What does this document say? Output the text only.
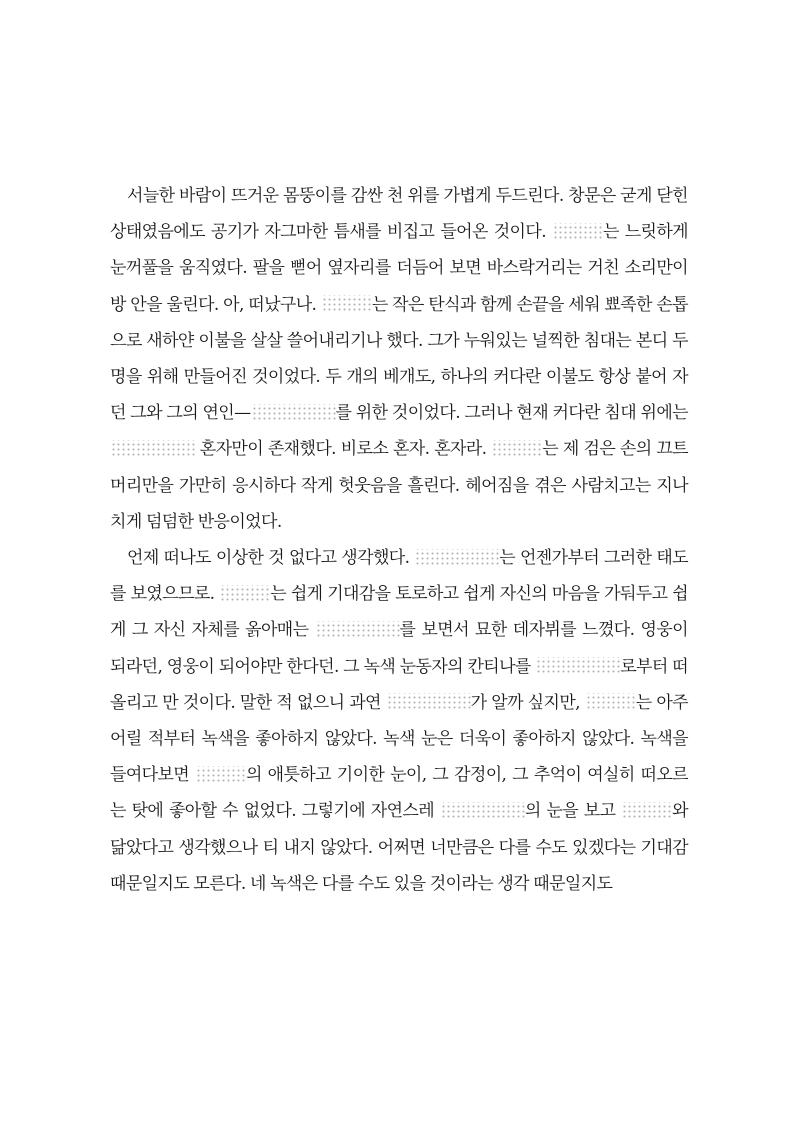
서늘한 바람이 뜨거운 몸뚱이를 감싼 천 위를 가볍게 두드린다. 창문은 굳게 닫힌 상태였음에도 공기가 자그마한 틈새를 비집고 들어온 것이다.	는 느릿하게 눈꺼풀을 움직였다. 팔을 뻗어 옆자리를 더듬어 보면 바스락거리는 거친 소리만이 방 안을 울린다. 아, 떠났구나.	는 작은 탄식과 함께 손끝을 세워 뾰족한 손톱으로 새하얀 이불을 살살 쓸어내리기나 했다. 그가 누워있는 널찍한 침대는 본디 두 명을 위해 만들어진 것이었다. 두 개의 베개도, 하나의 커다란 이불도 항상 붙어 자던 그와 그의 연인—	를 위한 것이었다. 그러나 현재 커다란 침대 위에는  혼자만이 존재했다. 비로소 혼자. 혼자라.	는 제 검은 손의 끄트머리만을 가만히 응시하다 작게 헛웃음을 흘린다. 헤어짐을 겪은 사람치고는 지나치게 덤덤한 반응이었다.

언제 떠나도 이상한 것 없다고 생각했다.	는 언젠가부터 그러한 태도를 보였으므로.	는 쉽게 기대감을 토로하고 쉽게 자신의 마음을 가둬두고 쉽게 그 자신 자체를 옭아매는	를 보면서 묘한 데자뷔를 느꼈다. 영웅이 되라던, 영웅이 되어야만 한다던. 그 녹색 눈동자의 칸티나를	로부터 떠올리고 만 것이다. 말한 적 없으니 과연	가 알까 싶지만,	는 아주 어릴 적부터 녹색을 좋아하지 않았다. 녹색 눈은 더욱이 좋아하지 않았다. 녹색을 들여다보면	의 애틋하고 기이한 눈이, 그 감정이, 그 추억이 여실히 떠오르는 탓에 좋아할 수 없었다. 그렇기에 자연스레	의 눈을 보고	와 닮았다고 생각했으나 티 내지 않았다. 어쩌면 너만큼은 다를 수도 있겠다는 기대감 때문일지도 모른다. 네 녹색은 다를 수도 있을 것이라는 생각 때문일지도
